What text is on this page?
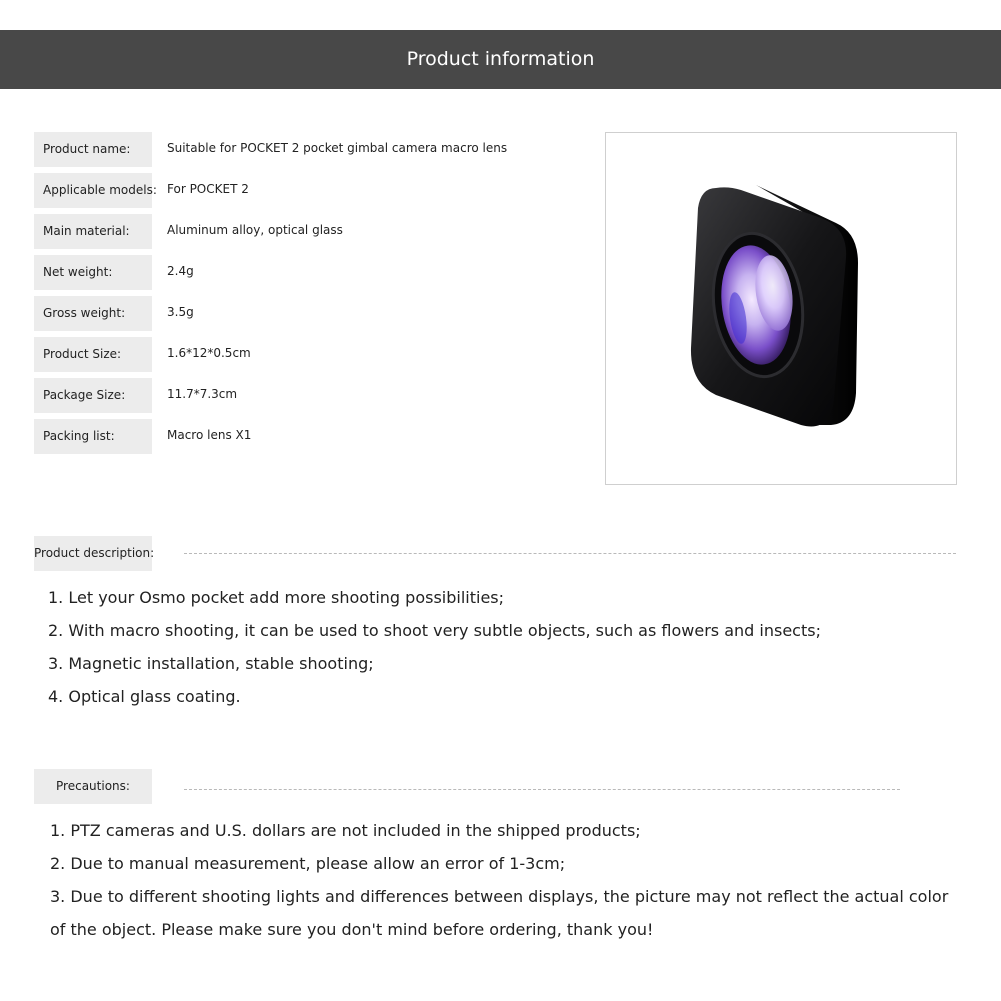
Product information
Product name:	Suitable for POCKET 2 pocket gimbal camera macro lens
Applicable models: For POCKET 2
Main material:	Aluminum alloy, optical glass
Net weight:	2.4g
Gross weight:	3.5g
Product Size:	1.6*12*0.5cm
Package Size:	11.7*7.3cm
Packing list:	Macro lens X1
Product description:
1. Let your Osmo pocket add more shooting possibilities;
2. With macro shooting, it can be used to shoot very subtle objects, such as flowers and insects;
3. Magnetic installation, stable shooting;
4. Optical glass coating.
Precautions:
1. PTZ cameras and U.S. dollars are not included in the shipped products;
2. Due to manual measurement, please allow an error of 1-3cm;
3. Due to different shooting lights and differences between displays, the picture may not reflect the actual color
of the object. Please make sure you don't mind before ordering, thank you!
